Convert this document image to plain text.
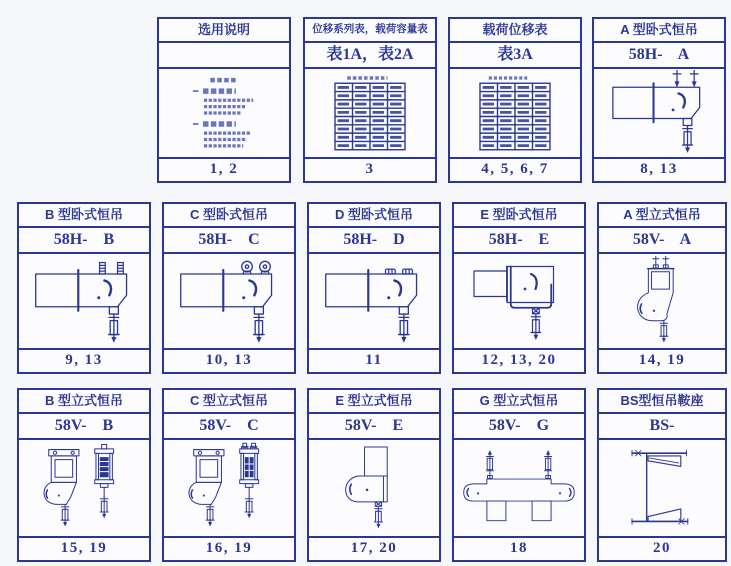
选用说明
1, 2
位移系列表，载荷容量表
表1A，表2A
3
载荷位移表
表3A
4, 5, 6, 7
A 型卧式恒吊
58H-    A
8, 13
B 型卧式恒吊
58H-    B
9, 13
C 型卧式恒吊
58H-    C
10, 13
D 型卧式恒吊
58H-    D
11
E 型卧式恒吊
58H-    E
12, 13, 20
A 型立式恒吊
58V-    A
14, 19
B 型立式恒吊
58V-    B
15, 19
C 型立式恒吊
58V-    C
16, 19
E 型立式恒吊
58V-    E
17, 20
G 型立式恒吊
58V-    G
18
BS型恒吊鞍座
BS-
20
